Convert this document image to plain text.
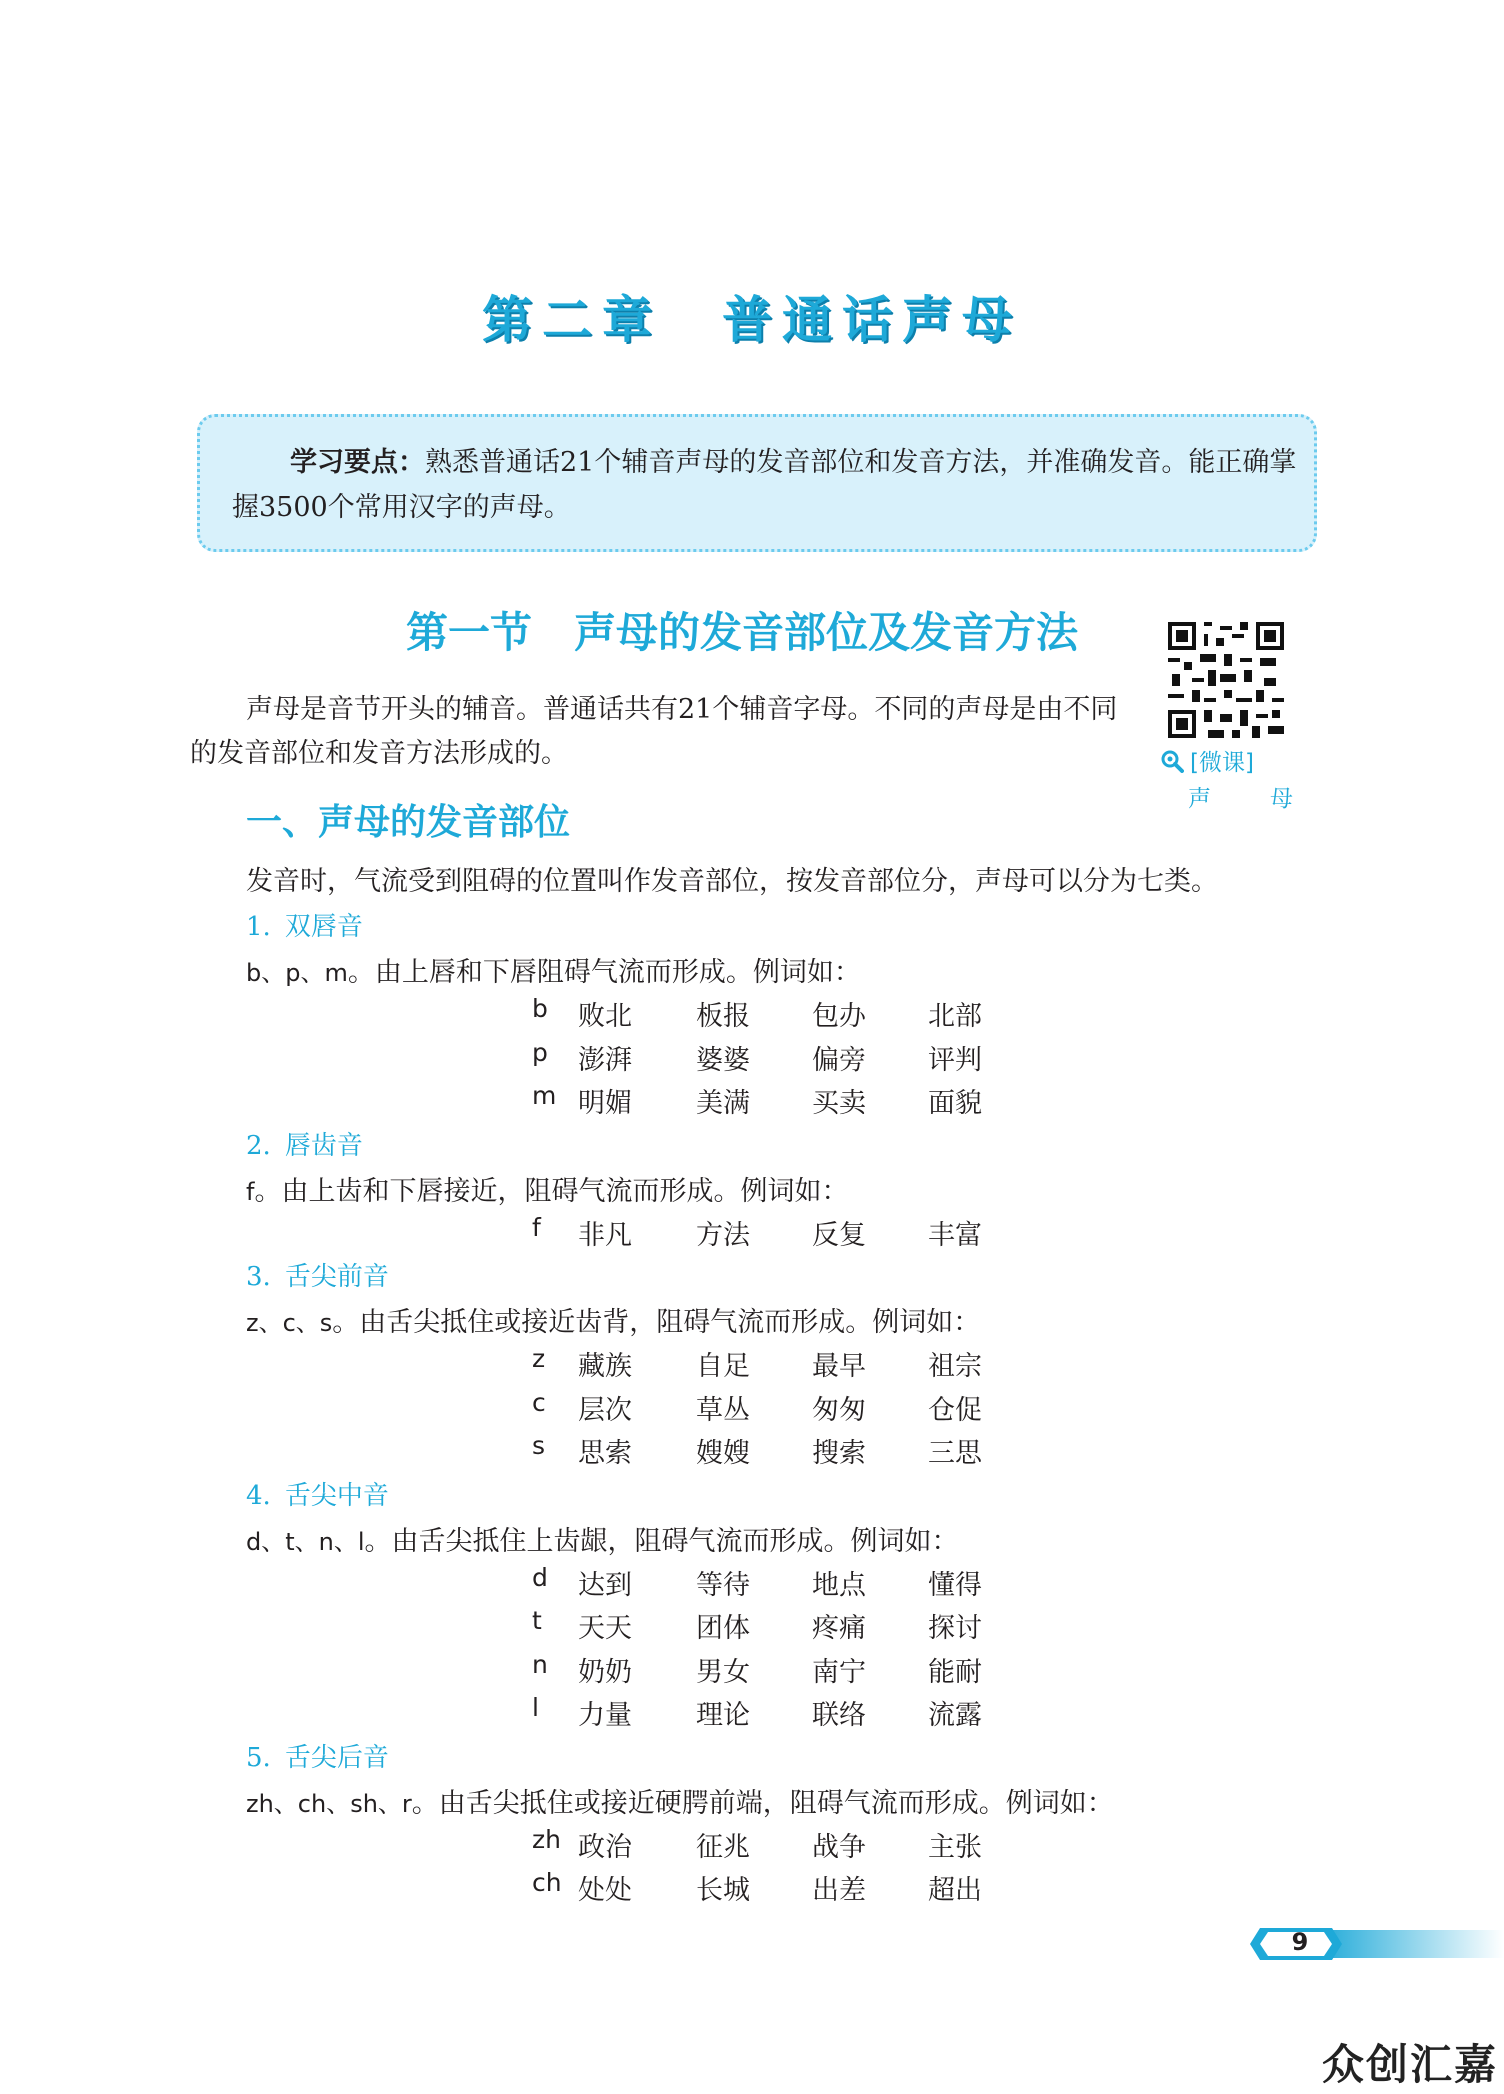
第二章　普通话声母
学习要点：熟悉普通话21个辅音声母的发音部位和发音方法，并准确发音。能正确掌握3500个常用汉字的声母。
第一节　声母的发音部位及发音方法
[微课]
声　母
声母是音节开头的辅音。普通话共有21个辅音字母。不同的声母是由不同的发音部位和发音方法形成的。
一、声母的发音部位
发音时，气流受到阻碍的位置叫作发音部位，按发音部位分，声母可以分为七类。
1. 双唇音
b、p、m。由上唇和下唇阻碍气流而形成。例词如：
b 败北 板报 包办 北部
p 澎湃 婆婆 偏旁 评判
m 明媚 美满 买卖 面貌
2. 唇齿音
f。由上齿和下唇接近，阻碍气流而形成。例词如：
f 非凡 方法 反复 丰富
3. 舌尖前音
z、c、s。由舌尖抵住或接近齿背，阻碍气流而形成。例词如：
z 藏族 自足 最早 祖宗
c 层次 草丛 匆匆 仓促
s 思索 嫂嫂 搜索 三思
4. 舌尖中音
d、t、n、l。由舌尖抵住上齿龈，阻碍气流而形成。例词如：
d 达到 等待 地点 懂得
t 天天 团体 疼痛 探讨
n 奶奶 男女 南宁 能耐
l 力量 理论 联络 流露
5. 舌尖后音
zh、ch、sh、r。由舌尖抵住或接近硬腭前端，阻碍气流而形成。例词如：
zh 政治 征兆 战争 主张
ch 处处 长城 出差 超出
9
众创汇嘉
